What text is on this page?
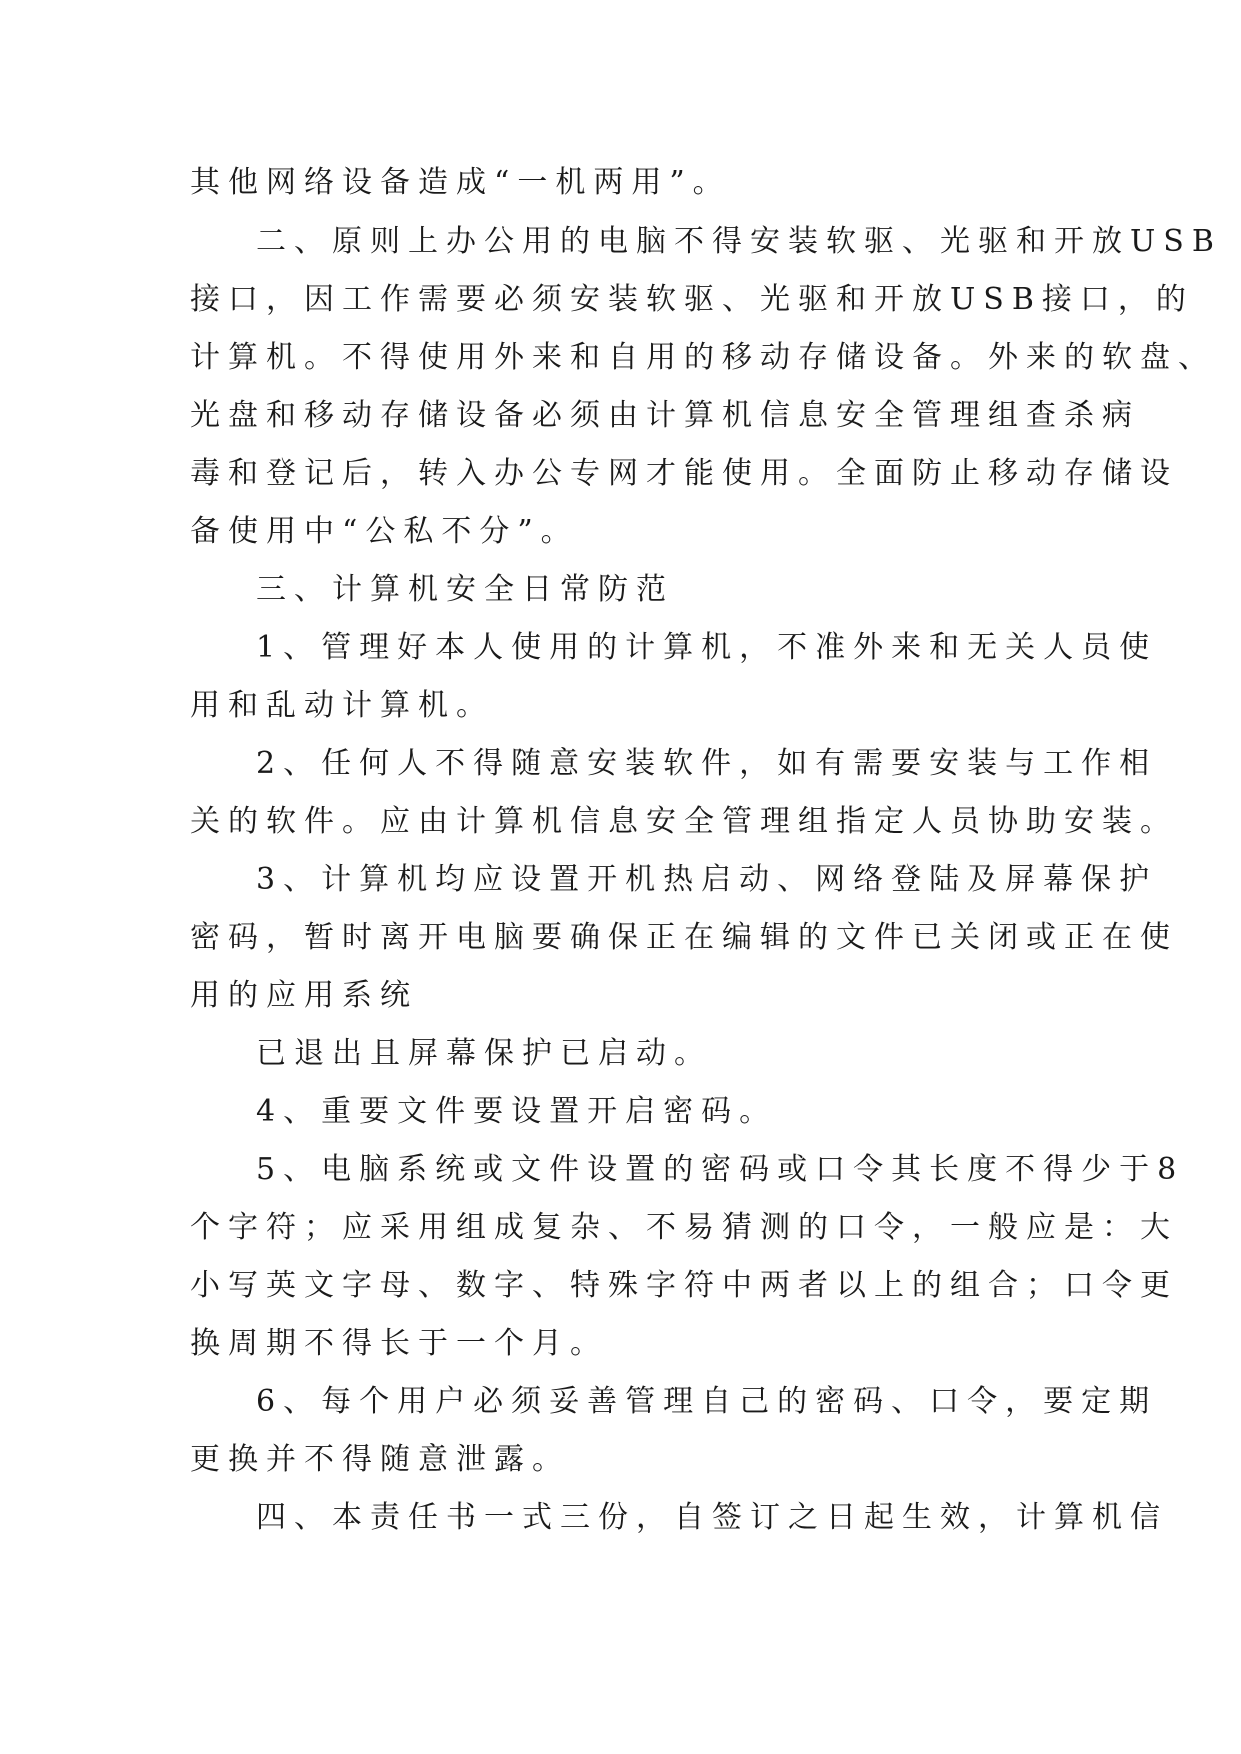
其他网络设备造成“一机两用”。
二、原则上办公用的电脑不得安装软驱、光驱和开放USB
接口，因工作需要必须安装软驱、光驱和开放USB接口，的
计算机。不得使用外来和自用的移动存储设备。外来的软盘、
光盘和移动存储设备必须由计算机信息安全管理组查杀病
毒和登记后，转入办公专网才能使用。全面防止移动存储设
备使用中“公私不分”。
三、计算机安全日常防范
1、管理好本人使用的计算机，不准外来和无关人员使
用和乱动计算机。
2、任何人不得随意安装软件，如有需要安装与工作相
关的软件。应由计算机信息安全管理组指定人员协助安装。
3、计算机均应设置开机热启动、网络登陆及屏幕保护
密码，暂时离开电脑要确保正在编辑的文件已关闭或正在使
用的应用系统
已退出且屏幕保护已启动。
4、重要文件要设置开启密码。
5、电脑系统或文件设置的密码或口令其长度不得少于8
个字符；应采用组成复杂、不易猜测的口令，一般应是：大
小写英文字母、数字、特殊字符中两者以上的组合；口令更
换周期不得长于一个月。
6、每个用户必须妥善管理自己的密码、口令，要定期
更换并不得随意泄露。
四、本责任书一式三份，自签订之日起生效，计算机信
